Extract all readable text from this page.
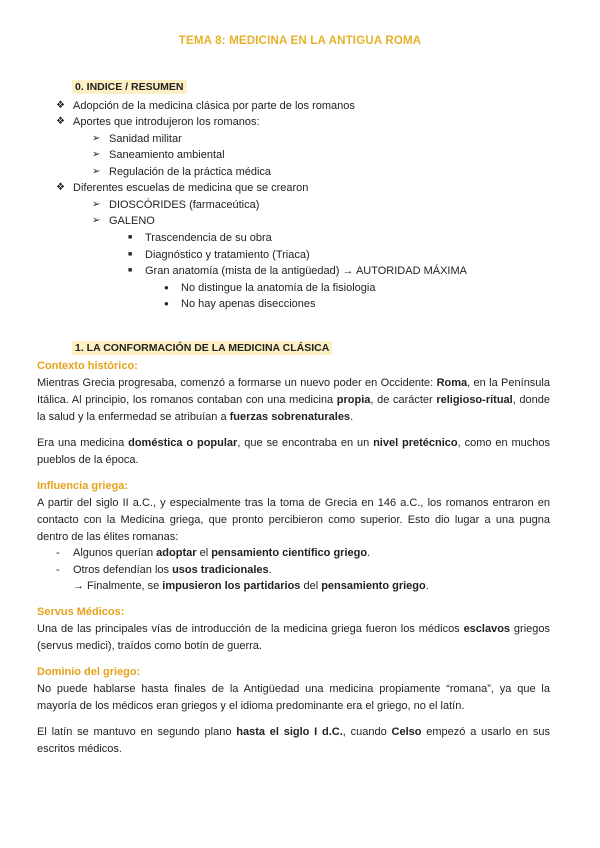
TEMA 8: MEDICINA EN LA ANTIGUA ROMA
0. INDICE / RESUMEN
❖ Adopción de la medicina clásica por parte de los romanos
❖ Aportes que introdujeron los romanos:
➢ Sanidad militar
➢ Saneamiento ambiental
➢ Regulación de la práctica médica
❖ Diferentes escuelas de medicina que se crearon
➢ DIOSCÓRIDES (farmaceútica)
➢ GALENO
■ Trascendencia de su obra
■ Diagnóstico y tratamiento (Triaca)
■ Gran anatomía (mista de la antigüedad) → AUTORIDAD MÁXIMA
● No distingue la anatomía de la fisiologia
● No hay apenas disecciones
1. LA CONFORMACIÓN DE LA MEDICINA CLÁSICA
Contexto histórico:
Mientras Grecia progresaba, comenzó a formarse un nuevo poder en Occidente: Roma, en la Península Itálica. Al principio, los romanos contaban con una medicina propia, de carácter religioso-ritual, donde la salud y la enfermedad se atribuían a fuerzas sobrenaturales.
Era una medicina doméstica o popular, que se encontraba en un nivel pretécnico, como en muchos pueblos de la época.
Influencia griega:
A partir del siglo II a.C., y especialmente tras la toma de Grecia en 146 a.C., los romanos entraron en contacto con la Medicina griega, que pronto percibieron como superior. Esto dio lugar a una pugna dentro de las élites romanas:
- Algunos querían adoptar el pensamiento científico griego.
- Otros defendían los usos tradicionales.
→ Finalmente, se impusieron los partidarios del pensamiento griego.
Servus Médicos:
Una de las principales vías de introducción de la medicina griega fueron los médicos esclavos griegos (servus medici), traídos como botín de guerra.
Dominio del griego:
No puede hablarse hasta finales de la Antigüedad una medicina propiamente “romana”, ya que la mayoría de los médicos eran griegos y el idioma predominante era el griego, no el latín.
El latín se mantuvo en segundo plano hasta el siglo I d.C., cuando Celso empezó a usarlo en sus escritos médicos.
